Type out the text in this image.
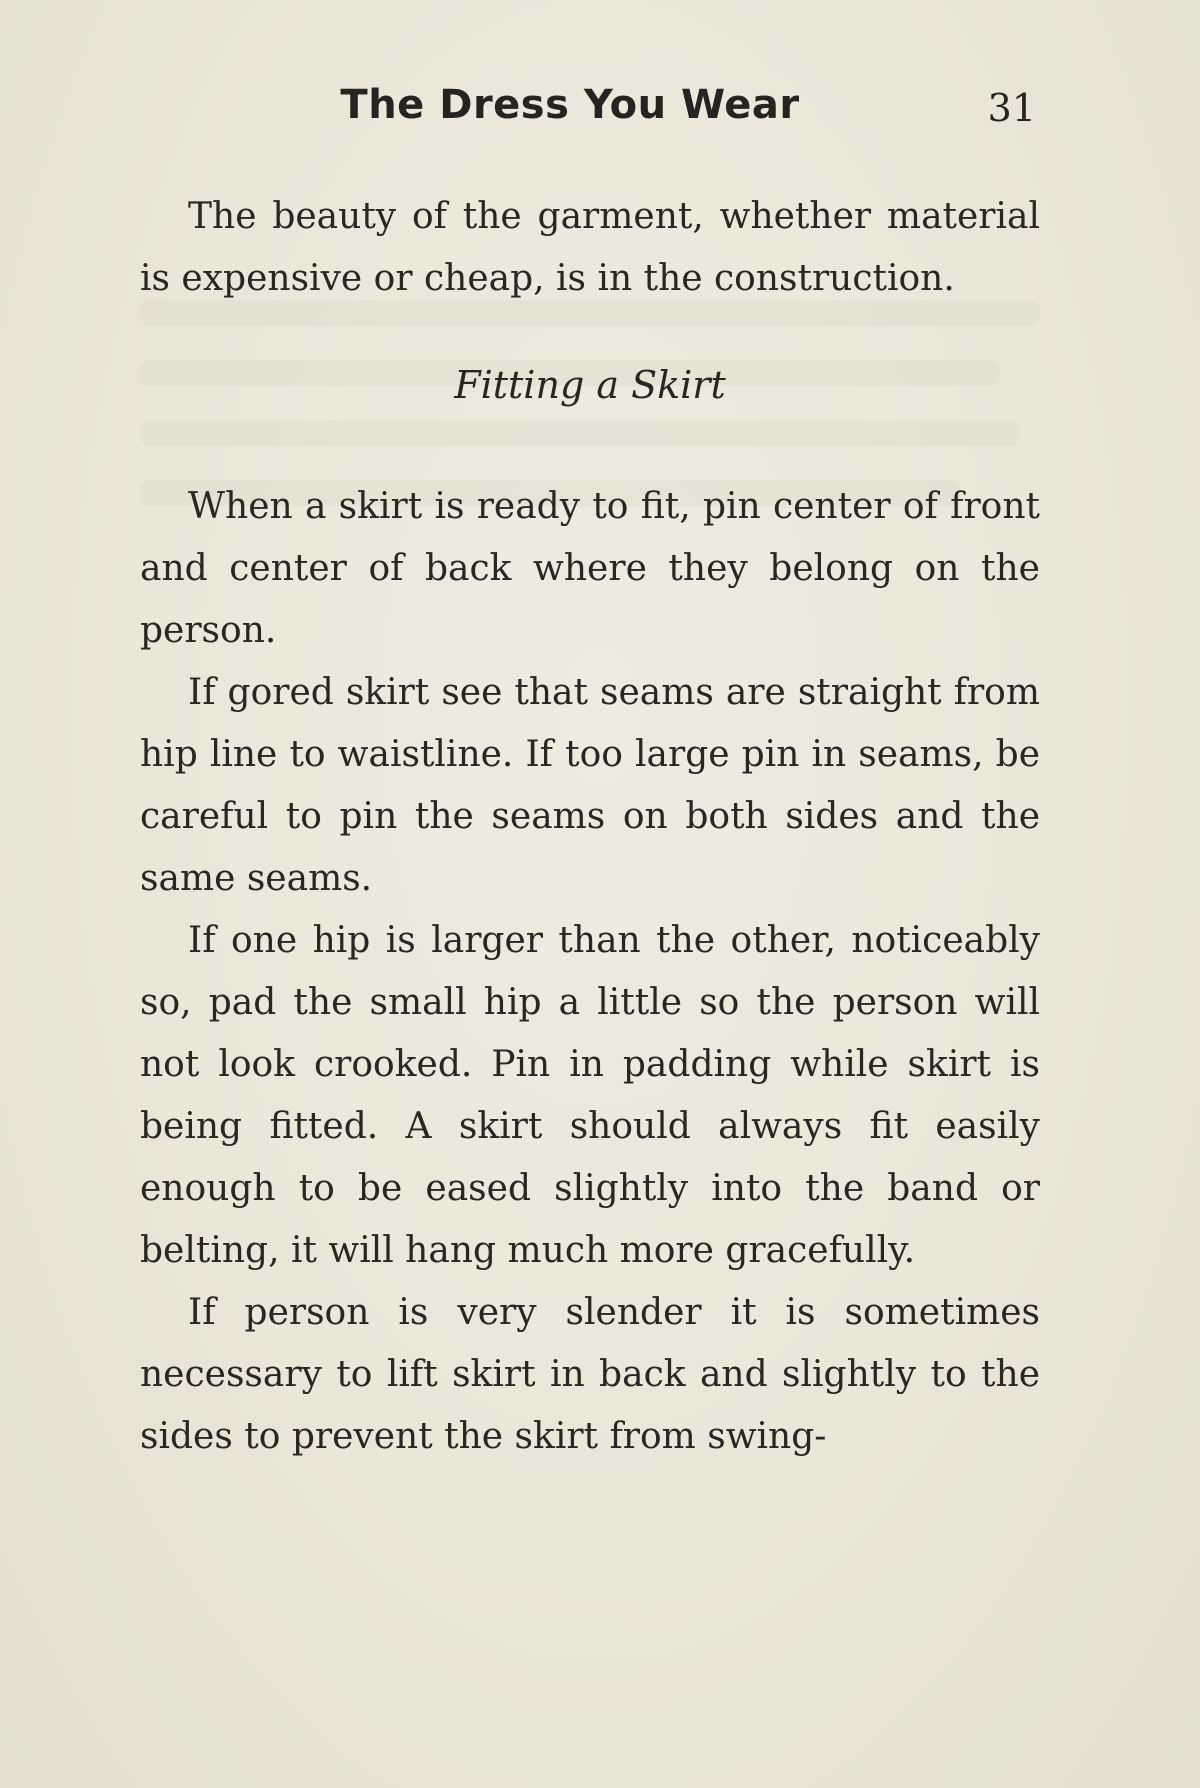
The Dress You Wear	31

The beauty of the garment, whether material is expensive or cheap, is in the construction.

Fitting a Skirt

When a skirt is ready to fit, pin center of front and center of back where they belong on the person.

If gored skirt see that seams are straight from hip line to waistline. If too large pin in seams, be careful to pin the seams on both sides and the same seams.

If one hip is larger than the other, noticeably so, pad the small hip a little so the person will not look crooked. Pin in padding while skirt is being fitted. A skirt should always fit easily enough to be eased slightly into the band or belting, it will hang much more gracefully.

If person is very slender it is sometimes necessary to lift skirt in back and slightly to the sides to prevent the skirt from swing-
